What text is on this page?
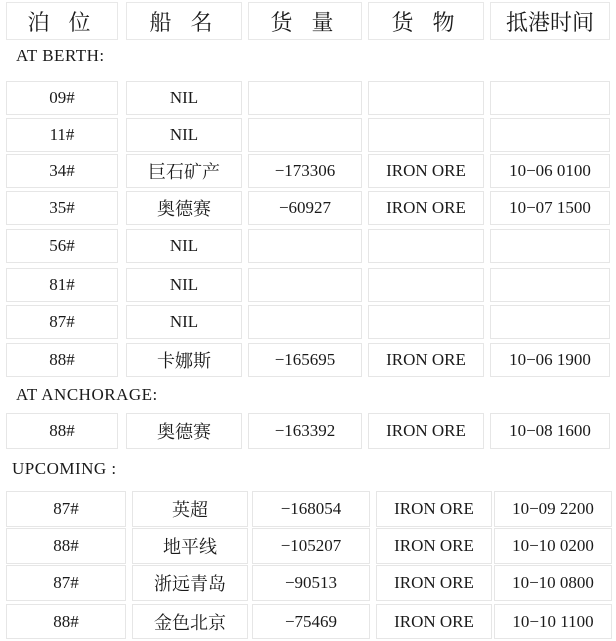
泊 位	船 名	货 量	货 物	抵港时间
AT BERTH:
09#	NIL
11#	NIL
34#	巨石矿产	−173306	IRON ORE	10−06 0100
35#	奥德赛	−60927	IRON ORE	10−07 1500
56#	NIL
81#	NIL
87#	NIL
88#	卡娜斯	−165695	IRON ORE	10−06 1900
AT ANCHORAGE:
88#	奥德赛	−163392	IRON ORE	10−08 1600
UPCOMING :
87#	英超	−168054	IRON ORE	10−09 2200
88#	地平线	−105207	IRON ORE	10−10 0200
87#	浙远青岛	−90513	IRON ORE	10−10 0800
88#	金色北京	−75469	IRON ORE	10−10 1100
